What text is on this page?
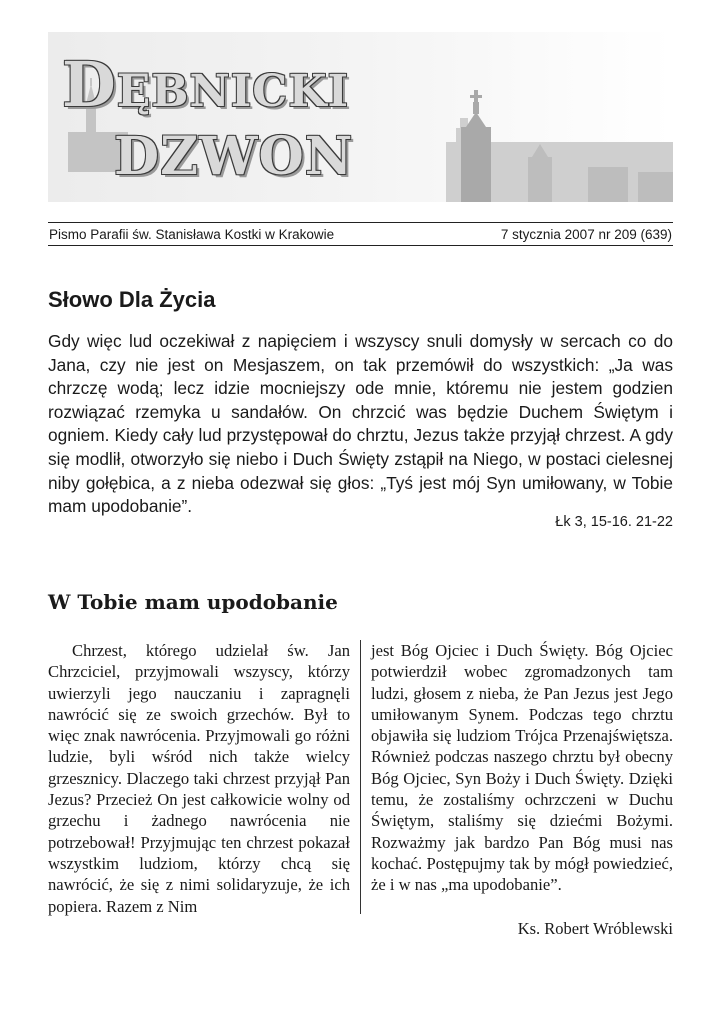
DĘBNICKI
DZWON
Pismo Parafii św. Stanisława Kostki w Krakowie	7 stycznia 2007 nr 209 (639)
Słowo Dla Życia

Gdy więc lud oczekiwał z napięciem i wszyscy snuli domysły w sercach co do Jana, czy nie jest on Mesjaszem, on tak przemówił do wszystkich: „Ja was chrzczę wodą; lecz idzie mocniejszy ode mnie, któremu nie jestem godzien rozwiązać rzemyka u sandałów. On chrzcić was będzie Duchem Świętym i ogniem. Kiedy cały lud przystępował do chrztu, Jezus także przyjął chrzest. A gdy się modlił, otworzyło się niebo i Duch Święty zstąpił na Niego, w postaci cielesnej niby gołębica, a z nieba odezwał się głos: „Tyś jest mój Syn umiłowany, w Tobie mam upodobanie”.

Łk 3, 15-16. 21-22
W Tobie mam upodobanie

Chrzest, którego udzielał św. Jan Chrzciciel, przyjmowali wszyscy, którzy uwierzyli jego nauczaniu i zapragnęli nawrócić się ze swoich grzechów. Był to więc znak nawrócenia. Przyjmowali go różni ludzie, byli wśród nich także wielcy grzesznicy. Dlaczego taki chrzest przyjął Pan Jezus? Przecież On jest całkowicie wolny od grzechu i żadnego nawrócenia nie potrzebował! Przyjmując ten chrzest pokazał wszystkim ludziom, którzy chcą się nawrócić, że się z nimi solidaryzuje, że ich popiera. Razem z Nim

jest Bóg Ojciec i Duch Święty. Bóg Ojciec potwierdził wobec zgromadzonych tam ludzi, głosem z nieba, że Pan Jezus jest Jego umiłowanym Synem. Podczas tego chrztu objawiła się ludziom Trójca Przenajświętsza. Również podczas naszego chrztu był obecny Bóg Ojciec, Syn Boży i Duch Święty. Dzięki temu, że zostaliśmy ochrzczeni w Duchu Świętym, staliśmy się dziećmi Bożymi. Rozważmy jak bardzo Pan Bóg musi nas kochać. Postępujmy tak by mógł powiedzieć, że i w nas „ma upodobanie”.

Ks. Robert Wróblewski
